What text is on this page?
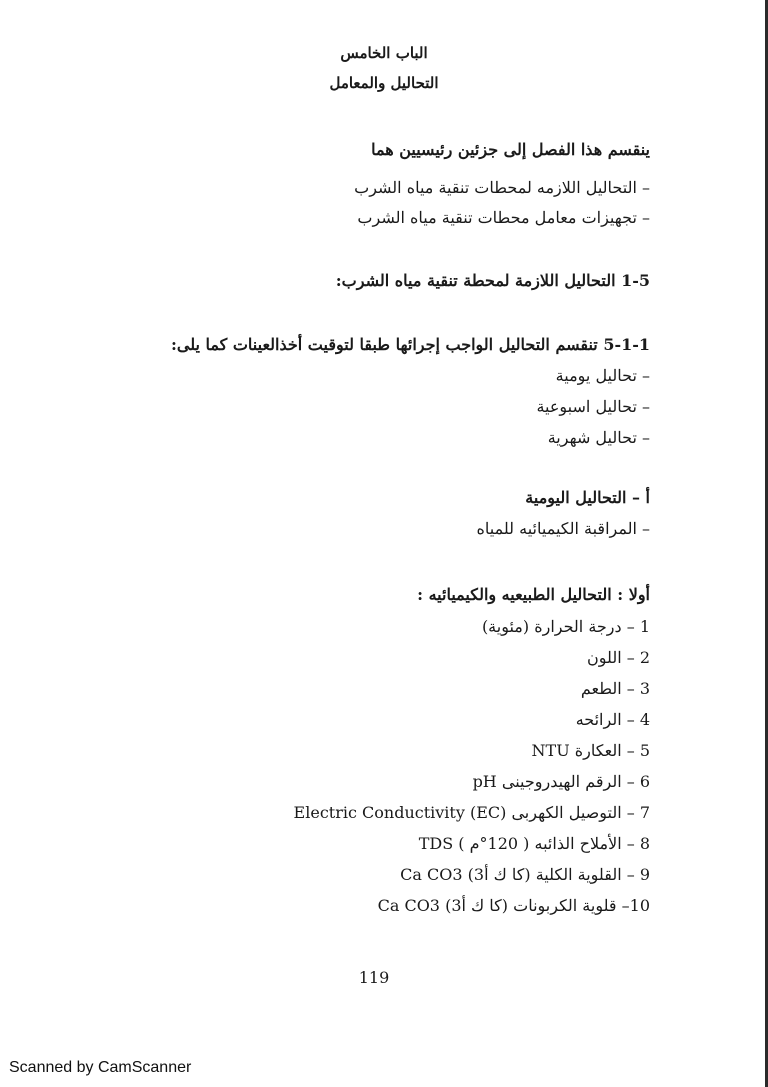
الباب الخامس
التحاليل والمعامل
ينقسم هذا الفصل إلى جزئين رئيسيين هما
– التحاليل اللازمه لمحطات تنقية مياه الشرب
– تجهيزات معامل محطات تنقية مياه الشرب
1-5 التحاليل اللازمة لمحطة تنقية مياه الشرب:
5-1-1 تنقسم التحاليل الواجب إجرائها طبقا لتوقيت أخذالعينات كما يلى:
– تحاليل يومية
– تحاليل اسبوعية
– تحاليل شهرية
أ – التحاليل اليومية
– المراقبة الكيميائيه للمياه
أولا : التحاليل الطبيعيه والكيميائيه :
1 – درجة الحرارة (مئوية)
2 – اللون
3 – الطعم
4 – الرائحه
5 – العكارة NTU
6 – الرقم الهيدروجينى pH
7 – التوصيل الكهربى Electric Conductivity (EC)
8 – الأملاح الذائبه ( 120°م ) TDS
9 – القلوية الكلية (كا ك أ3) Ca CO3
10– قلوية الكربونات (كا ك أ3) Ca CO3
119
Scanned by CamScanner
